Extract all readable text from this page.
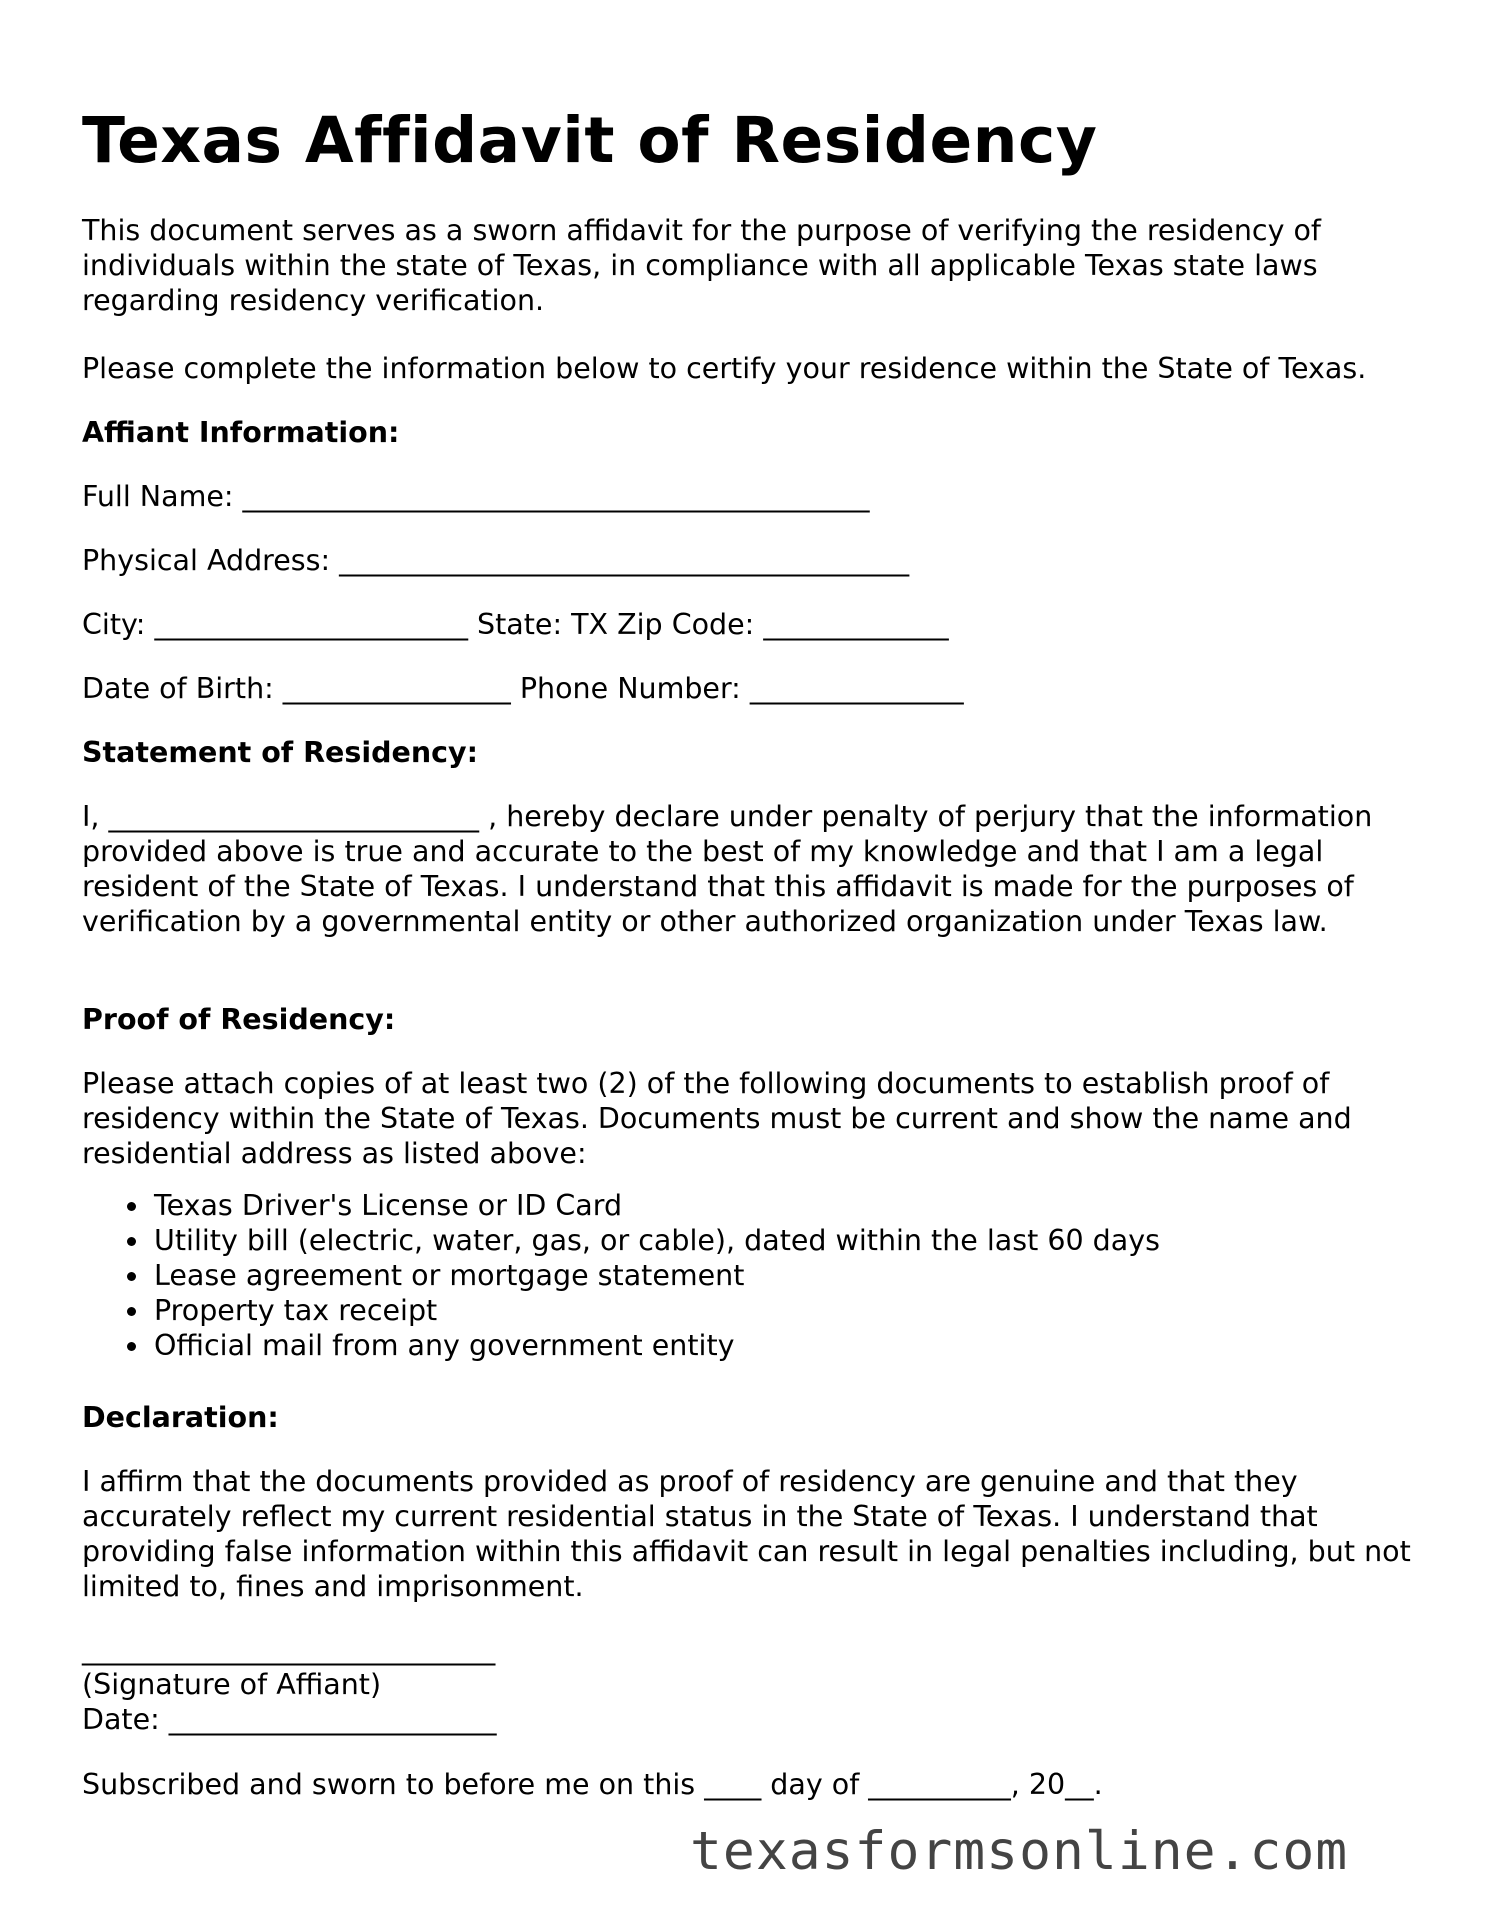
Texas Affidavit of Residency

This document serves as a sworn affidavit for the purpose of verifying the residency of individuals within the state of Texas, in compliance with all applicable Texas state laws regarding residency verification.

Please complete the information below to certify your residence within the State of Texas.

Affiant Information:

Full Name: ____________________________________________

Physical Address: ________________________________________

City: ______________________ State: TX Zip Code: _____________

Date of Birth: ________________ Phone Number: _______________

Statement of Residency:

I, __________________________ , hereby declare under penalty of perjury that the information provided above is true and accurate to the best of my knowledge and that I am a legal resident of the State of Texas. I understand that this affidavit is made for the purposes of verification by a governmental entity or other authorized organization under Texas law.

Proof of Residency:

Please attach copies of at least two (2) of the following documents to establish proof of residency within the State of Texas. Documents must be current and show the name and residential address as listed above:

Texas Driver's License or ID Card
Utility bill (electric, water, gas, or cable), dated within the last 60 days
Lease agreement or mortgage statement
Property tax receipt
Official mail from any government entity

Declaration:

I affirm that the documents provided as proof of residency are genuine and that they accurately reflect my current residential status in the State of Texas. I understand that providing false information within this affidavit can result in legal penalties including, but not limited to, fines and imprisonment.

_____________________________

(Signature of Affiant)

Date: _______________________

Subscribed and sworn to before me on this ____ day of __________, 20__.

texasformsonline.com
